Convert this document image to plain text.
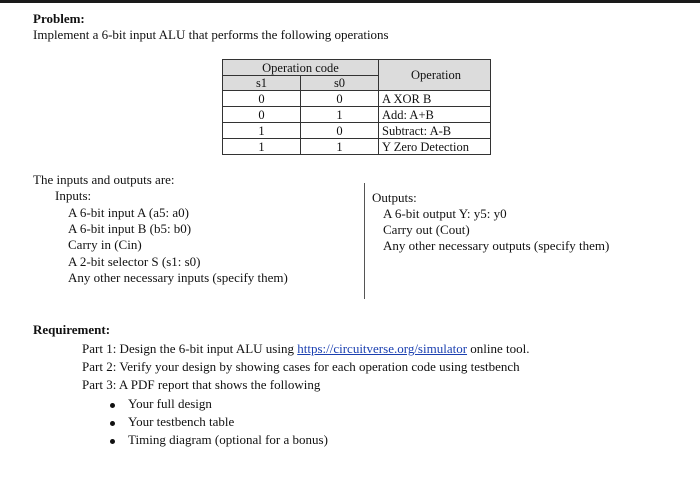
Problem:
Implement a 6-bit input ALU that performs the following operations
Operation code		Operation
s1	s0	
0	0	A XOR B
0	1	Add: A+B
1	0	Subtract: A-B
1	1	Y Zero Detection
The inputs and outputs are:
Inputs:
A 6-bit input A (a5: a0)
A 6-bit input B (b5: b0)
Carry in (Cin)
A 2-bit selector S (s1: s0)
Any other necessary inputs (specify them)
Outputs:
A 6-bit output Y: y5: y0
Carry out (Cout)
Any other necessary outputs (specify them)
Requirement:
Part 1: Design the 6-bit input ALU using https://circuitverse.org/simulator online tool.
Part 2: Verify your design by showing cases for each operation code using testbench
Part 3: A PDF report that shows the following
Your full design
Your testbench table
Timing diagram (optional for a bonus)
